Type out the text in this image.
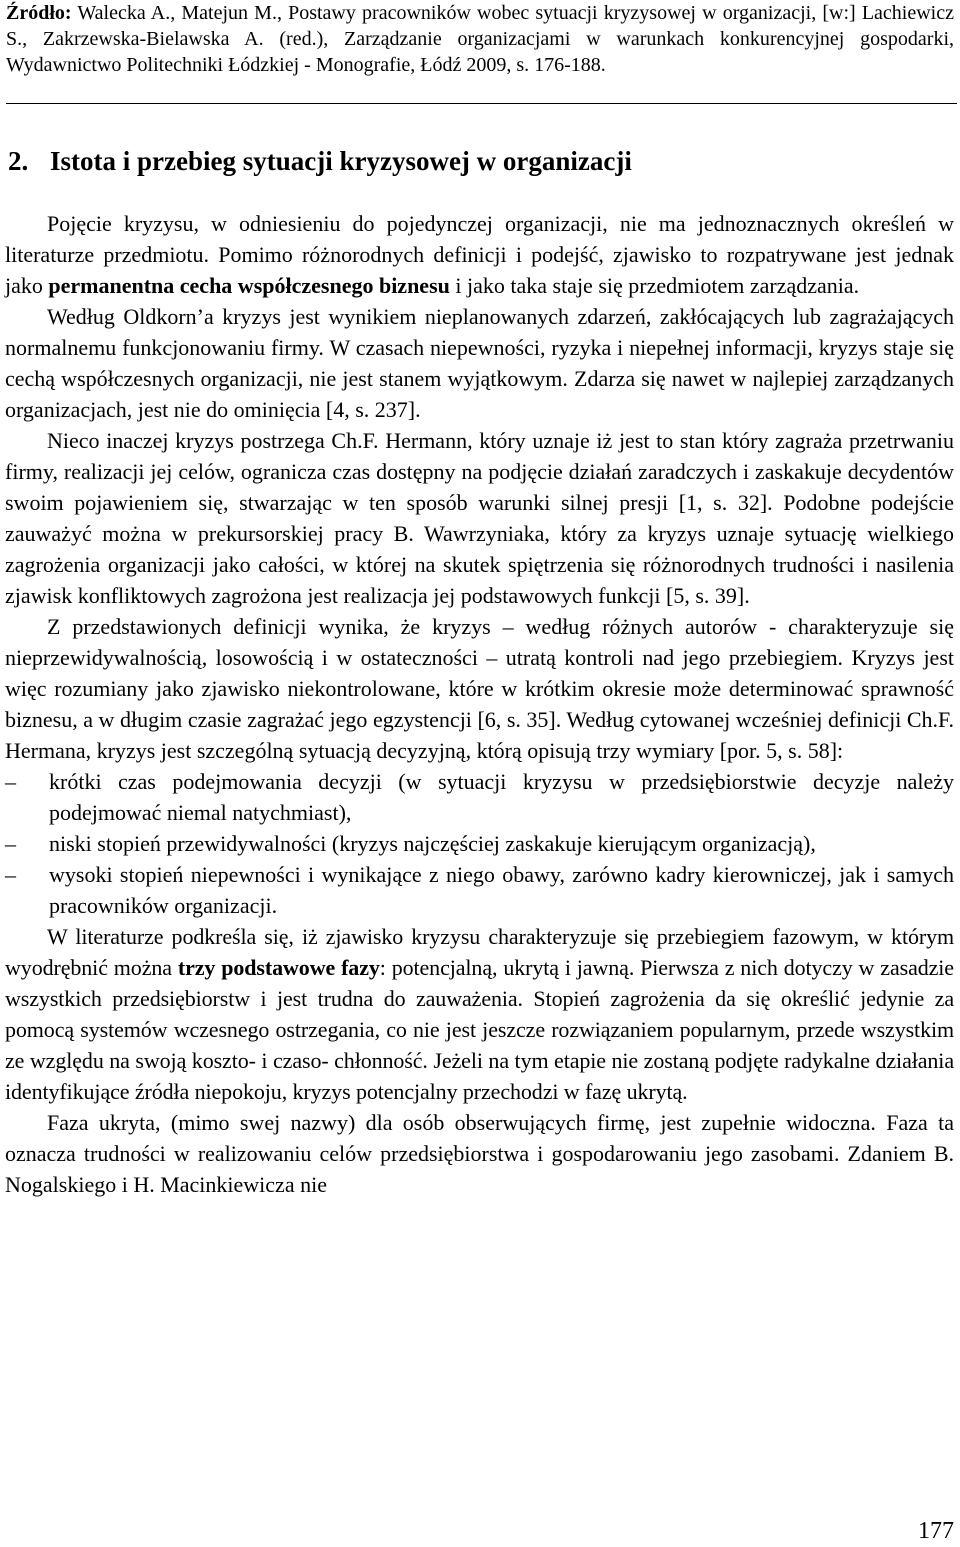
Źródło: Walecka A., Matejun M., Postawy pracowników wobec sytuacji kryzysowej w organizacji, [w:] Lachiewicz S., Zakrzewska-Bielawska A. (red.), Zarządzanie organizacjami w warunkach konkurencyjnej gospodarki, Wydawnictwo Politechniki Łódzkiej - Monografie, Łódź 2009, s. 176-188.
2. Istota i przebieg sytuacji kryzysowej w organizacji

Pojęcie kryzysu, w odniesieniu do pojedynczej organizacji, nie ma jednoznacznych określeń w literaturze przedmiotu. Pomimo różnorodnych definicji i podejść, zjawisko to rozpatrywane jest jednak jako permanentna cecha współczesnego biznesu i jako taka staje się przedmiotem zarządzania.

Według Oldkorn’a kryzys jest wynikiem nieplanowanych zdarzeń, zakłócających lub zagrażających normalnemu funkcjonowaniu firmy. W czasach niepewności, ryzyka i niepełnej informacji, kryzys staje się cechą współczesnych organizacji, nie jest stanem wyjątkowym. Zdarza się nawet w najlepiej zarządzanych organizacjach, jest nie do ominięcia [4, s. 237].

Nieco inaczej kryzys postrzega Ch.F. Hermann, który uznaje iż jest to stan który zagraża przetrwaniu firmy, realizacji jej celów, ogranicza czas dostępny na podjęcie działań zaradczych i zaskakuje decydentów swoim pojawieniem się, stwarzając w ten sposób warunki silnej presji [1, s. 32]. Podobne podejście zauważyć można w prekursorskiej pracy B. Wawrzyniaka, który za kryzys uznaje sytuację wielkiego zagrożenia organizacji jako całości, w której na skutek spiętrzenia się różnorodnych trudności i nasilenia zjawisk konfliktowych zagrożona jest realizacja jej podstawowych funkcji [5, s. 39].

Z przedstawionych definicji wynika, że kryzys – według różnych autorów - charakteryzuje się nieprzewidywalnością, losowością i w ostateczności – utratą kontroli nad jego przebiegiem. Kryzys jest więc rozumiany jako zjawisko niekontrolowane, które w krótkim okresie może determinować sprawność biznesu, a w długim czasie zagrażać jego egzystencji [6, s. 35]. Według cytowanej wcześniej definicji Ch.F. Hermana, kryzys jest szczególną sytuacją decyzyjną, którą opisują trzy wymiary [por. 5, s. 58]:

– krótki czas podejmowania decyzji (w sytuacji kryzysu w przedsiębiorstwie decyzje należy podejmować niemal natychmiast),
– niski stopień przewidywalności (kryzys najczęściej zaskakuje kierującym organizacją),
– wysoki stopień niepewności i wynikające z niego obawy, zarówno kadry kierowniczej, jak i samych pracowników organizacji.

W literaturze podkreśla się, iż zjawisko kryzysu charakteryzuje się przebiegiem fazowym, w którym wyodrębnić można trzy podstawowe fazy: potencjalną, ukrytą i jawną. Pierwsza z nich dotyczy w zasadzie wszystkich przedsiębiorstw i jest trudna do zauważenia. Stopień zagrożenia da się określić jedynie za pomocą systemów wczesnego ostrzegania, co nie jest jeszcze rozwiązaniem popularnym, przede wszystkim ze względu na swoją koszto- i czaso- chłonność. Jeżeli na tym etapie nie zostaną podjęte radykalne działania identyfikujące źródła niepokoju, kryzys potencjalny przechodzi w fazę ukrytą.

Faza ukryta, (mimo swej nazwy) dla osób obserwujących firmę, jest zupełnie widoczna. Faza ta oznacza trudności w realizowaniu celów przedsiębiorstwa i gospodarowaniu jego zasobami. Zdaniem B. Nogalskiego i H. Macinkiewicza nie

177
